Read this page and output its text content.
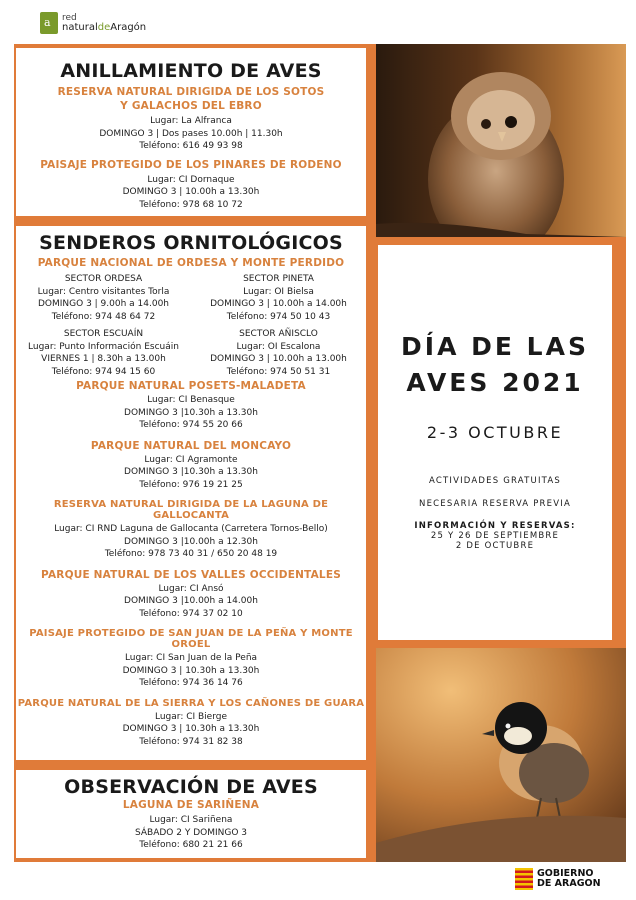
a
red
naturaldeAragón
ANILLAMIENTO DE AVES
RESERVA NATURAL DIRIGIDA DE LOS SOTOS
Y GALACHOS DEL EBRO
Lugar: La Alfranca
DOMINGO 3 | Dos pases 10.00h | 11.30h
Teléfono: 616 49 93 98
PAISAJE PROTEGIDO DE LOS PINARES DE RODENO
Lugar: CI Dornaque
DOMINGO 3 | 10.00h a 13.30h
Teléfono: 978 68 10 72
SENDEROS ORNITOLÓGICOS
PARQUE NACIONAL DE ORDESA Y MONTE PERDIDO
SECTOR ORDESA
Lugar: Centro visitantes Torla
DOMINGO 3 | 9.00h a 14.00h
Teléfono: 974 48 64 72
SECTOR PINETA
Lugar: OI Bielsa
DOMINGO 3 | 10.00h a 14.00h
Teléfono: 974 50 10 43
SECTOR ESCUAÍN
Lugar: Punto Información Escuáin
VIERNES 1 | 8.30h a 13.00h
Teléfono: 974 94 15 60
SECTOR AÑISCLO
Lugar: OI Escalona
DOMINGO 3 | 10.00h a 13.00h
Teléfono: 974 50 51 31
PARQUE NATURAL POSETS-MALADETA
Lugar: CI Benasque
DOMINGO 3 |10.30h a 13.30h
Teléfono: 974 55 20 66
PARQUE NATURAL DEL MONCAYO
Lugar: CI Agramonte
DOMINGO 3 |10.30h a 13.30h
Teléfono: 976 19 21 25
RESERVA NATURAL DIRIGIDA DE LA LAGUNA DE GALLOCANTA
Lugar: CI RND Laguna de Gallocanta (Carretera Tornos-Bello)
DOMINGO 3 |10.00h a 12.30h
Teléfono: 978 73 40 31 / 650 20 48 19
PARQUE NATURAL DE LOS VALLES OCCIDENTALES
Lugar: CI Ansó
DOMINGO 3 |10.00h a 14.00h
Teléfono: 974 37 02 10
PAISAJE PROTEGIDO DE SAN JUAN DE LA PEÑA Y MONTE OROEL
Lugar: CI San Juan de la Peña
DOMINGO 3 | 10.30h a 13.30h
Teléfono: 974 36 14 76
PARQUE NATURAL DE LA SIERRA Y LOS CAÑONES DE GUARA
Lugar: CI Bierge
DOMINGO 3 | 10.30h a 13.30h
Teléfono: 974 31 82 38
OBSERVACIÓN DE AVES
LAGUNA DE SARIÑENA
Lugar: CI Sariñena
SÁBADO 2 Y DOMINGO 3
Teléfono: 680 21 21 66
DÍA DE LAS
AVES 2021
2-3 OCTUBRE
ACTIVIDADES GRATUITAS
NECESARIA RESERVA PREVIA
INFORMACIÓN Y RESERVAS:
25 Y 26 DE SEPTIEMBRE
2 DE OCTUBRE
GOBIERNO
DE ARAGON
